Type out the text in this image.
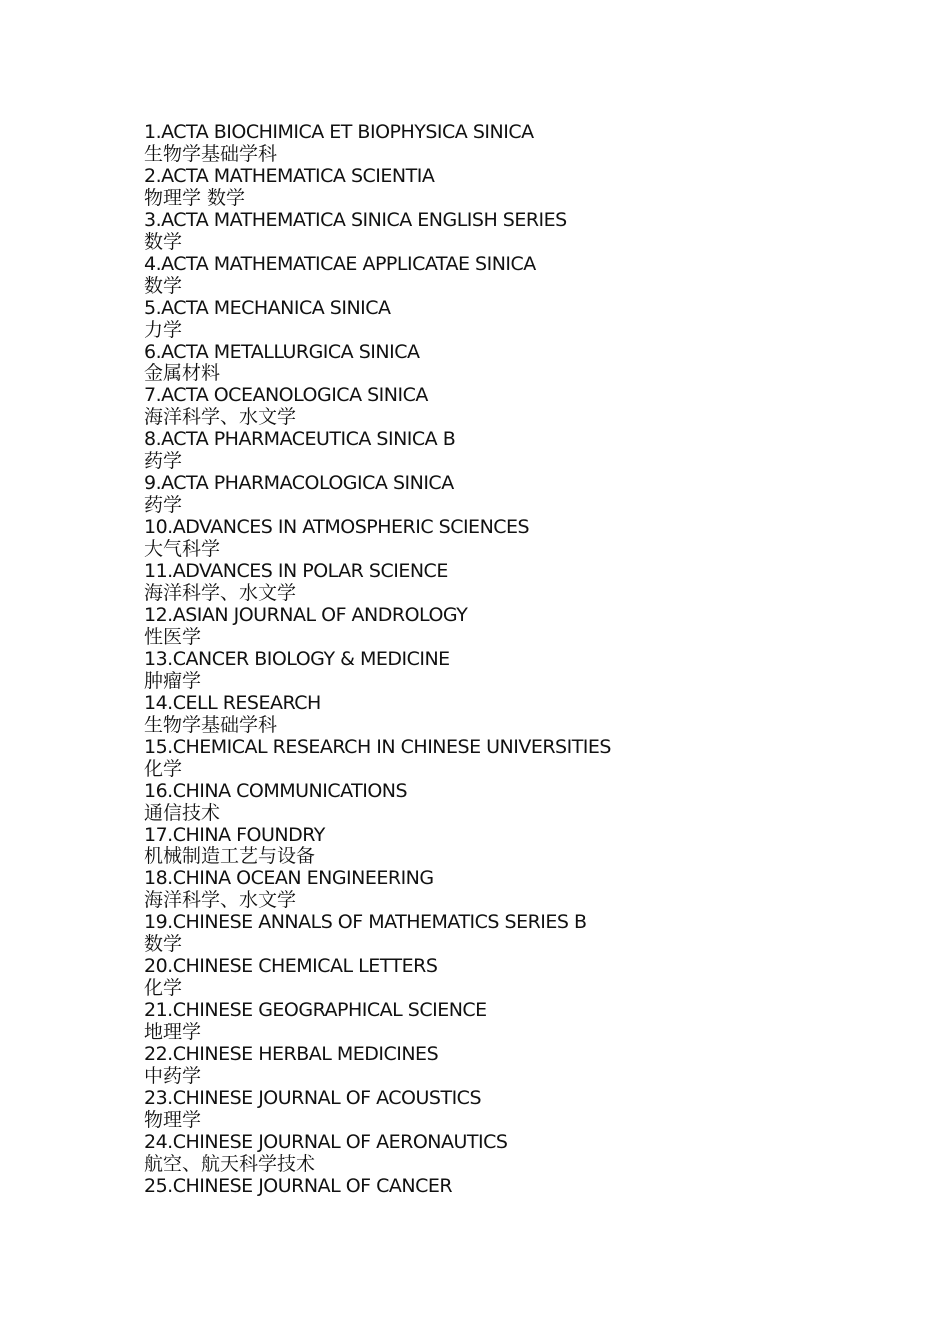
1.ACTA BIOCHIMICA ET BIOPHYSICA SINICA
生物学基础学科
2.ACTA MATHEMATICA SCIENTIA
物理学 数学
3.ACTA MATHEMATICA SINICA ENGLISH SERIES
数学
4.ACTA MATHEMATICAE APPLICATAE SINICA
数学
5.ACTA MECHANICA SINICA
力学
6.ACTA METALLURGICA SINICA
金属材料
7.ACTA OCEANOLOGICA SINICA
海洋科学、水文学
8.ACTA PHARMACEUTICA SINICA B
药学
9.ACTA PHARMACOLOGICA SINICA
药学
10.ADVANCES IN ATMOSPHERIC SCIENCES
大气科学
11.ADVANCES IN POLAR SCIENCE
海洋科学、水文学
12.ASIAN JOURNAL OF ANDROLOGY
性医学
13.CANCER BIOLOGY & MEDICINE
肿瘤学
14.CELL RESEARCH
生物学基础学科
15.CHEMICAL RESEARCH IN CHINESE UNIVERSITIES
化学
16.CHINA COMMUNICATIONS
通信技术
17.CHINA FOUNDRY
机械制造工艺与设备
18.CHINA OCEAN ENGINEERING
海洋科学、水文学
19.CHINESE ANNALS OF MATHEMATICS SERIES B
数学
20.CHINESE CHEMICAL LETTERS
化学
21.CHINESE GEOGRAPHICAL SCIENCE
地理学
22.CHINESE HERBAL MEDICINES
中药学
23.CHINESE JOURNAL OF ACOUSTICS
物理学
24.CHINESE JOURNAL OF AERONAUTICS
航空、航天科学技术
25.CHINESE JOURNAL OF CANCER
